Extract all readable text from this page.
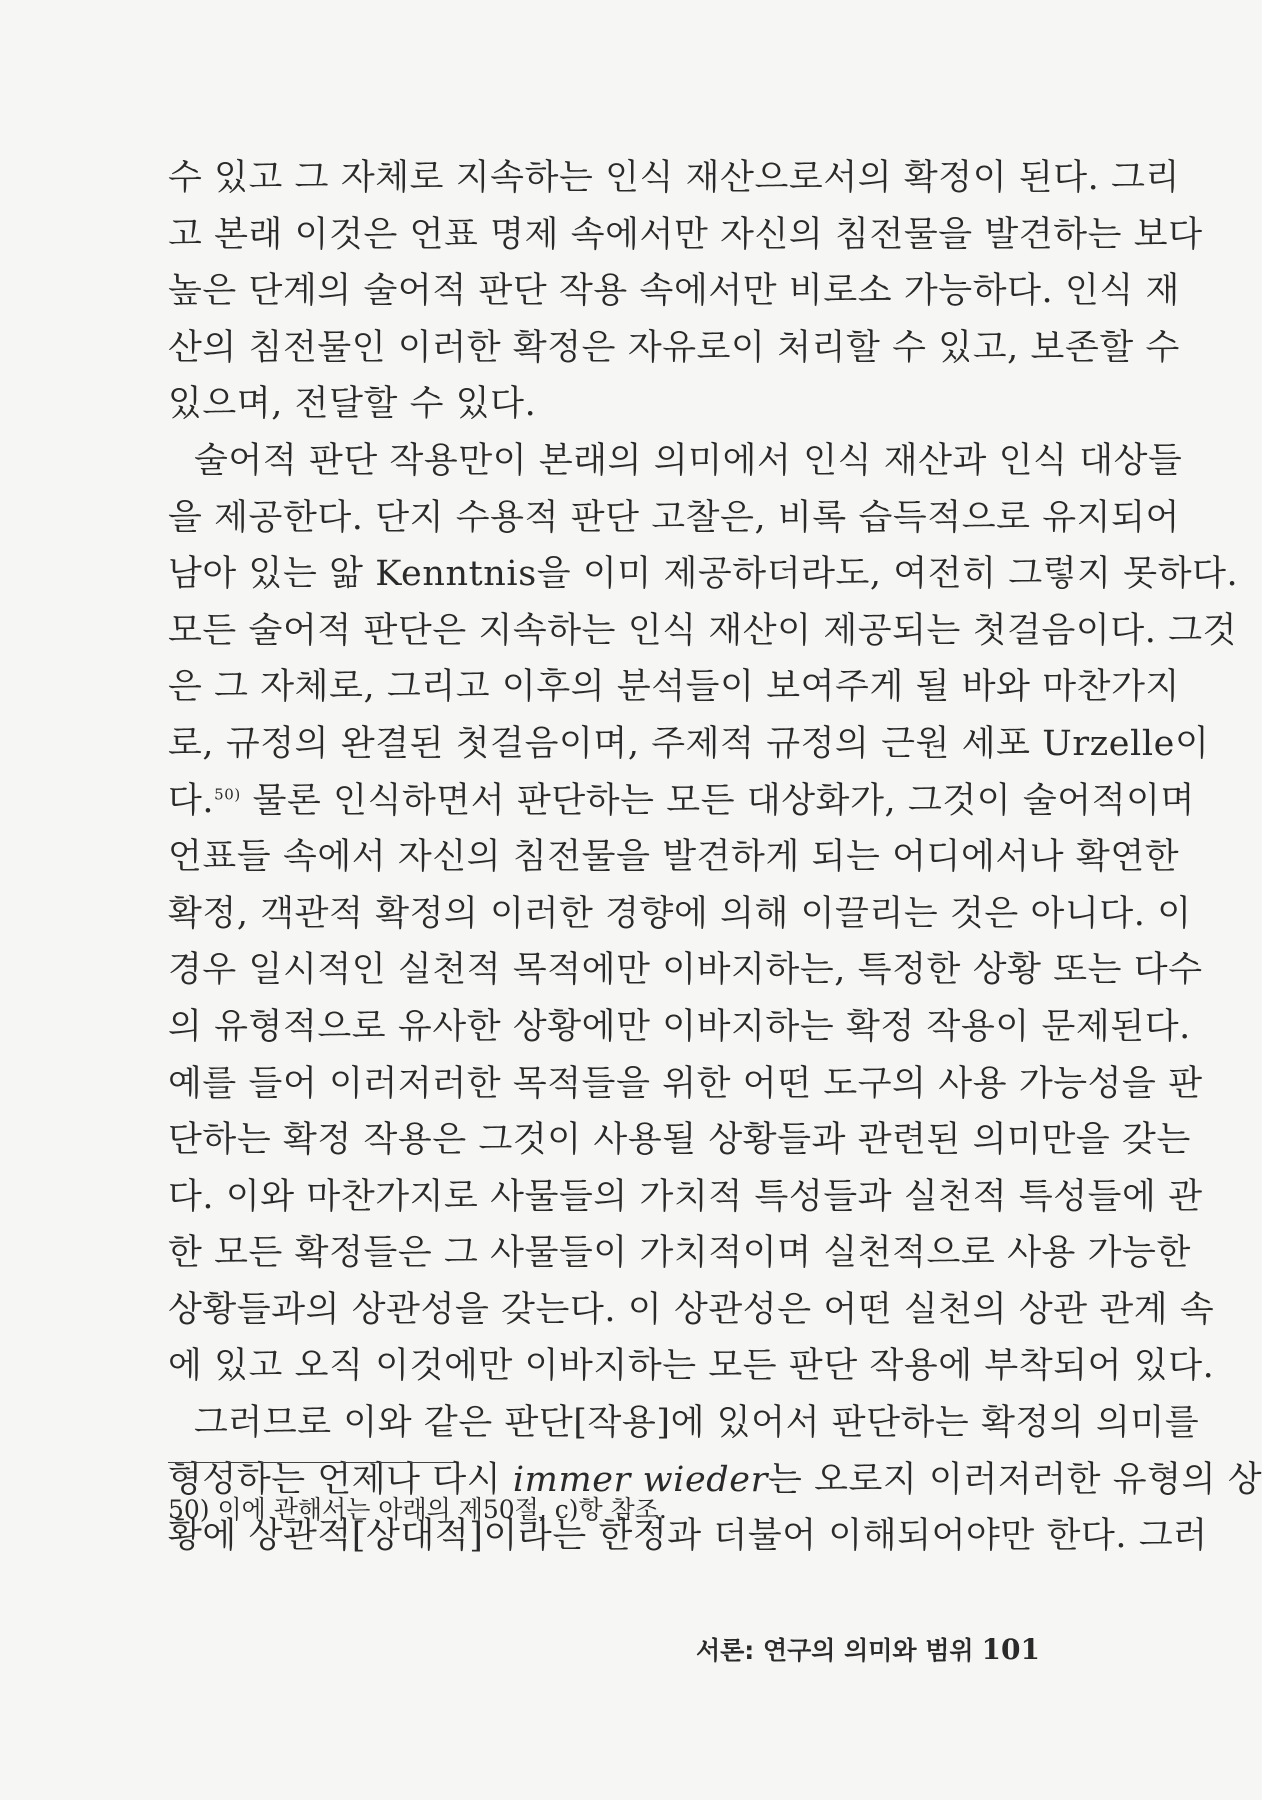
수 있고 그 자체로 지속하는 인식 재산으로서의 확정이 된다. 그리
고 본래 이것은 언표 명제 속에서만 자신의 침전물을 발견하는 보다
높은 단계의 술어적 판단 작용 속에서만 비로소 가능하다. 인식 재
산의 침전물인 이러한 확정은 자유로이 처리할 수 있고, 보존할 수
있으며, 전달할 수 있다.
술어적 판단 작용만이 본래의 의미에서 인식 재산과 인식 대상들
을 제공한다. 단지 수용적 판단 고찰은, 비록 습득적으로 유지되어
남아 있는 앎 Kenntnis을 이미 제공하더라도, 여전히 그렇지 못하다.
모든 술어적 판단은 지속하는 인식 재산이 제공되는 첫걸음이다. 그것
은 그 자체로, 그리고 이후의 분석들이 보여주게 될 바와 마찬가지
로, 규정의 완결된 첫걸음이며, 주제적 규정의 근원 세포 Urzelle이
다.$^{50)}$ 물론 인식하면서 판단하는 모든 대상화가, 그것이 술어적이며
언표들 속에서 자신의 침전물을 발견하게 되는 어디에서나 확연한
확정, 객관적 확정의 이러한 경향에 의해 이끌리는 것은 아니다. 이
경우 일시적인 실천적 목적에만 이바지하는, 특정한 상황 또는 다수
의 유형적으로 유사한 상황에만 이바지하는 확정 작용이 문제된다.
예를 들어 이러저러한 목적들을 위한 어떤 도구의 사용 가능성을 판
단하는 확정 작용은 그것이 사용될 상황들과 관련된 의미만을 갖는
다. 이와 마찬가지로 사물들의 가치적 특성들과 실천적 특성들에 관
한 모든 확정들은 그 사물들이 가치적이며 실천적으로 사용 가능한
상황들과의 상관성을 갖는다. 이 상관성은 어떤 실천의 상관 관계 속
에 있고 오직 이것에만 이바지하는 모든 판단 작용에 부착되어 있다.
그러므로 이와 같은 판단[작용]에 있어서 판단하는 확정의 의미를
형성하는 언제나 다시 immer wieder는 오로지 이러저러한 유형의 상
황에 상관적[상대적]이라는 한정과 더불어 이해되어야만 한다. 그러
50) 이에 관해서는 아래의 제50절, c)항 참조.
서론: 연구의 의미와 범위 101
